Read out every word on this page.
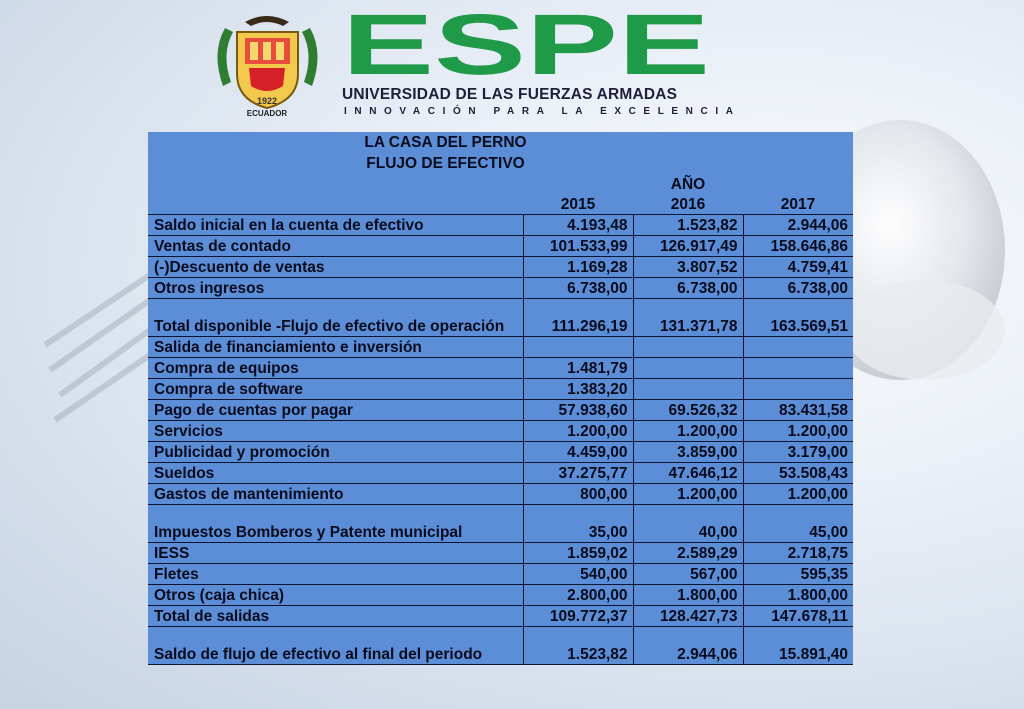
1922
ECUADOR
ESPE
UNIVERSIDAD DE LAS FUERZAS ARMADAS
INNOVACIÓN PARA LA EXCELENCIA
LA CASA DEL PERNO			
FLUJO DE EFECTIVO			
		AÑO	
	2015	2016	2017
Saldo inicial en la cuenta de efectivo	4.193,48	1.523,82	2.944,06
Ventas de contado	101.533,99	126.917,49	158.646,86
(-)Descuento de ventas	1.169,28	3.807,52	4.759,41
Otros ingresos	6.738,00	6.738,00	6.738,00
Total disponible -Flujo de efectivo de operación	111.296,19	131.371,78	163.569,51
Salida de financiamiento e inversión			
Compra de equipos	1.481,79		
Compra de software	1.383,20		
Pago de cuentas por pagar	57.938,60	69.526,32	83.431,58
Servicios	1.200,00	1.200,00	1.200,00
Publicidad y promoción	4.459,00	3.859,00	3.179,00
Sueldos	37.275,77	47.646,12	53.508,43
Gastos de mantenimiento	800,00	1.200,00	1.200,00
Impuestos Bomberos y Patente municipal	35,00	40,00	45,00
IESS	1.859,02	2.589,29	2.718,75
Fletes	540,00	567,00	595,35
Otros (caja chica)	2.800,00	1.800,00	1.800,00
Total de salidas	109.772,37	128.427,73	147.678,11
Saldo de flujo de efectivo al final del periodo	1.523,82	2.944,06	15.891,40
